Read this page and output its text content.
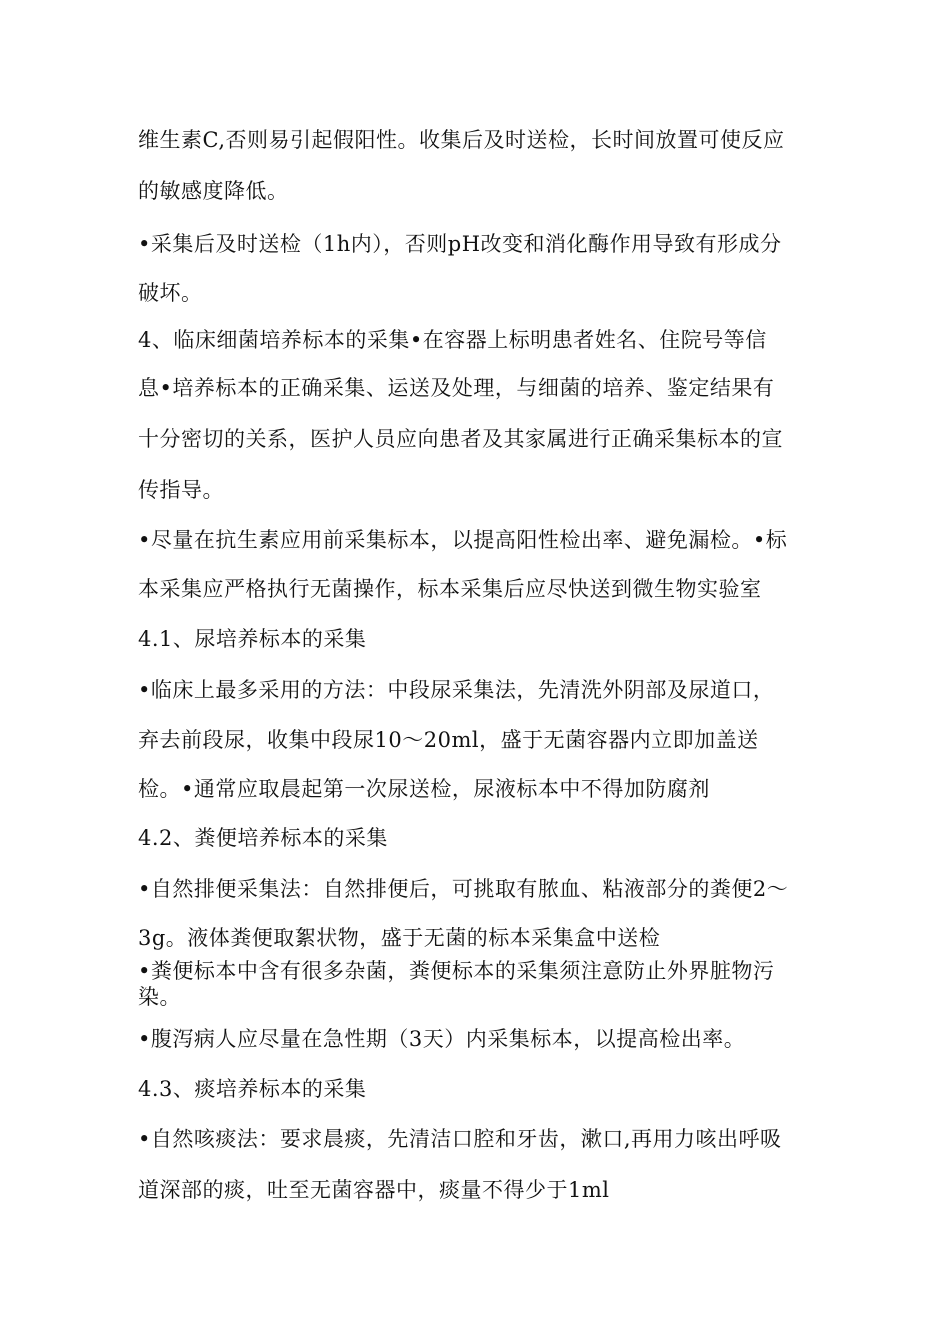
维生素C,否则易引起假阳性。收集后及时送检，长时间放置可使反应
的敏感度降低。
•采集后及时送检（1h内），否则pH改变和消化酶作用导致有形成分
破坏。
4、临床细菌培养标本的采集•在容器上标明患者姓名、住院号等信
息•培养标本的正确采集、运送及处理，与细菌的培养、鉴定结果有
十分密切的关系，医护人员应向患者及其家属进行正确采集标本的宣
传指导。
•尽量在抗生素应用前采集标本，以提高阳性检出率、避免漏检。•标
本采集应严格执行无菌操作，标本采集后应尽快送到微生物实验室
4.1、尿培养标本的采集
•临床上最多采用的方法：中段尿采集法，先清洗外阴部及尿道口，
弃去前段尿，收集中段尿10〜20ml，盛于无菌容器内立即加盖送
检。•通常应取晨起第一次尿送检，尿液标本中不得加防腐剂
4.2、粪便培养标本的采集
•自然排便采集法：自然排便后，可挑取有脓血、粘液部分的粪便2〜
3g。液体粪便取絮状物，盛于无菌的标本采集盒中送检
•粪便标本中含有很多杂菌，粪便标本的采集须注意防止外界脏物污
染。
•腹泻病人应尽量在急性期（3天）内采集标本，以提高检出率。
4.3、痰培养标本的采集
•自然咳痰法：要求晨痰，先清洁口腔和牙齿，漱口,再用力咳出呼吸
道深部的痰，吐至无菌容器中，痰量不得少于1ml
